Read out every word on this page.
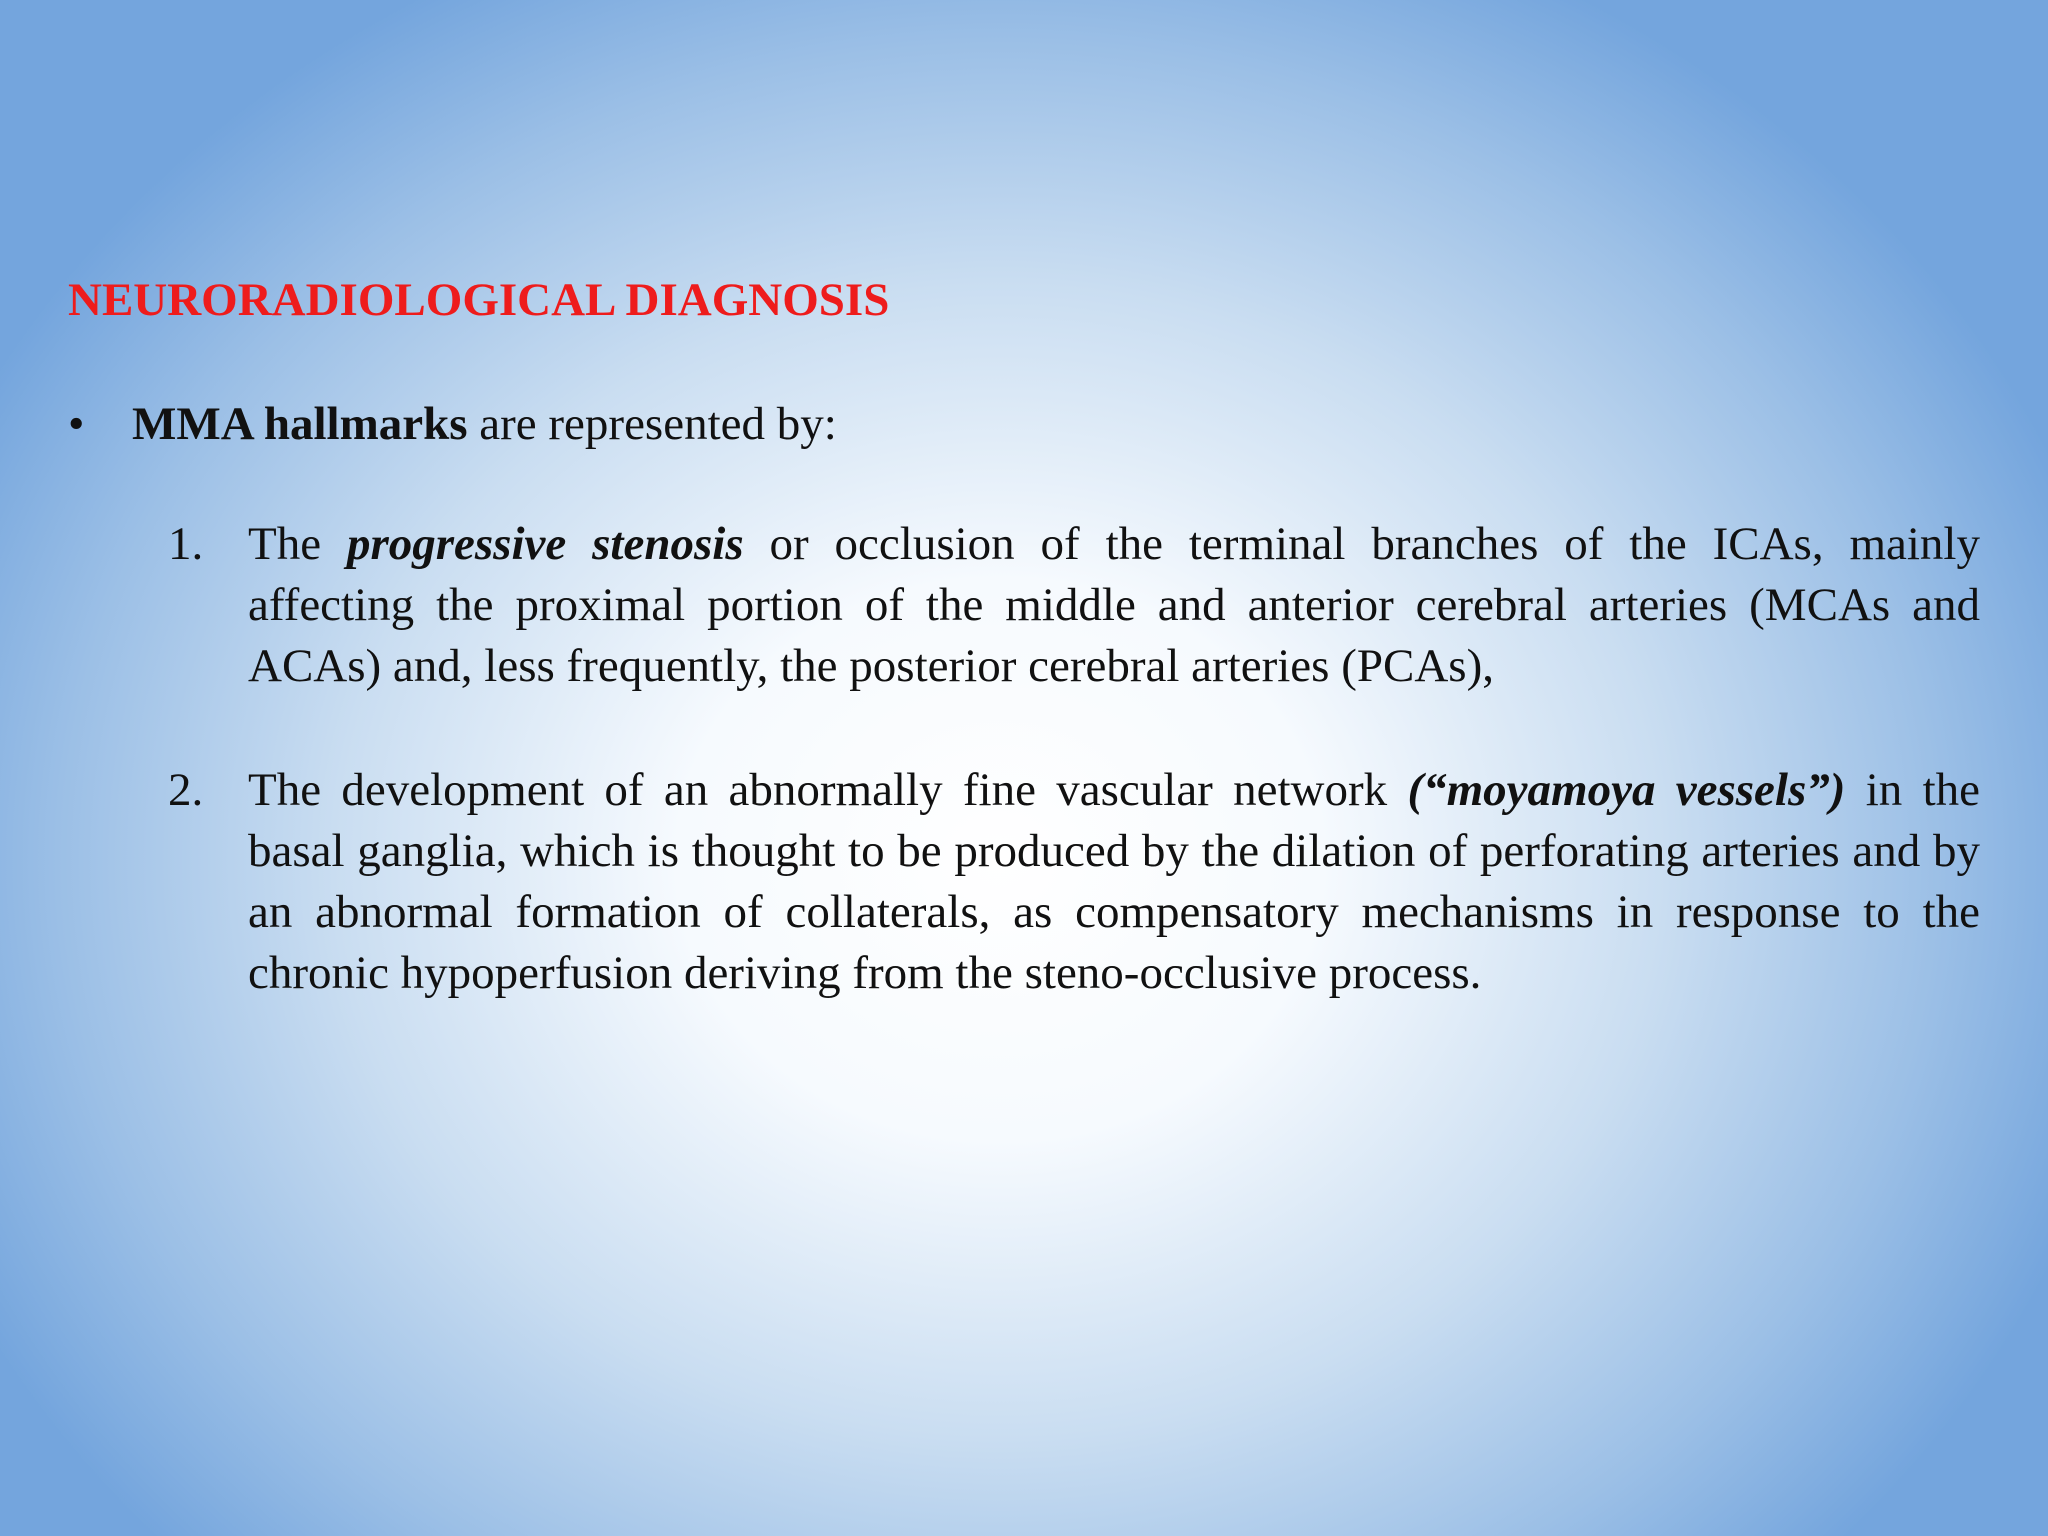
NEURORADIOLOGICAL DIAGNOSIS
• MMA hallmarks are represented by:
1. The progressive stenosis or occlusion of the terminal branches of the ICAs, mainly affecting the proximal portion of the middle and anterior cerebral arteries (MCAs and ACAs) and, less frequently, the posterior cerebral arteries (PCAs),
2. The development of an abnormally fine vascular network (“moyamoya vessels”) in the basal ganglia, which is thought to be produced by the dilation of perforating arteries and by an abnormal formation of collaterals, as compensatory mechanisms in response to the chronic hypoperfusion deriving from the steno-occlusive process.
